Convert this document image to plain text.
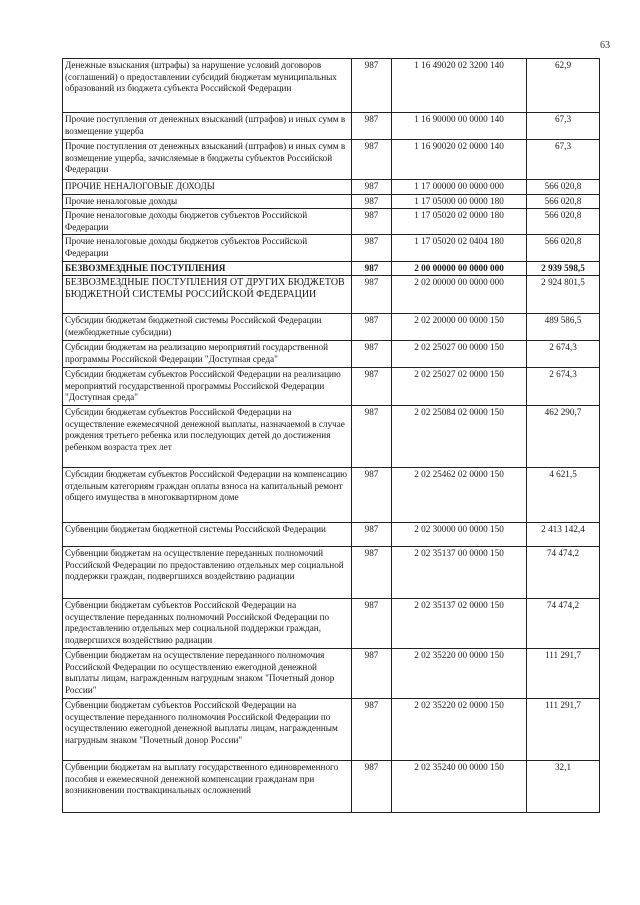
63
Денежные взыскания (штрафы) за нарушение условий договоров (соглашений) о предоставлении субсидий бюджетам муниципальных образований из бюджета субъекта Российской Федерации	987	1 16 49020 02 3200 140	62,9

Прочие поступления от денежных взысканий (штрафов) и иных сумм в возмещение ущерба	987	1 16 90000 00 0000 140	67,3

Прочие поступления от денежных взысканий (штрафов) и иных сумм в возмещение ущерба, зачисляемые в бюджеты субъектов Российской Федерации	987	1 16 90020 02 0000 140	67,3

ПРОЧИЕ НЕНАЛОГОВЫЕ ДОХОДЫ	987	1 17 00000 00 0000 000	566 020,8

Прочие неналоговые доходы	987	1 17 05000 00 0000 180	566 020,8

Прочие неналоговые доходы бюджетов субъектов Российской Федерации	987	1 17 05020 02 0000 180	566 020,8

Прочие неналоговые доходы бюджетов субъектов Российской Федерации	987	1 17 05020 02 0404 180	566 020,8

БЕЗВОЗМЕЗДНЫЕ ПОСТУПЛЕНИЯ	987	2 00 00000 00 0000 000	2 939 598,5

БЕЗВОЗМЕЗДНЫЕ ПОСТУПЛЕНИЯ ОТ ДРУГИХ БЮДЖЕТОВ БЮДЖЕТНОЙ СИСТЕМЫ РОССИЙСКОЙ ФЕДЕРАЦИИ	987	2 02 00000 00 0000 000	2 924 801,5

Субсидии бюджетам бюджетной системы Российской Федерации (межбюджетные субсидии)	987	2 02 20000 00 0000 150	489 586,5

Субсидии бюджетам на реализацию мероприятий государственной программы Российской Федерации "Доступная среда"	987	2 02 25027 00 0000 150	2 674,3

Субсидии бюджетам субъектов Российской Федерации на реализацию мероприятий государственной программы Российской Федерации "Доступная среда"	987	2 02 25027 02 0000 150	2 674,3

Субсидии бюджетам субъектов Российской Федерации на осуществление ежемесячной денежной выплаты, назначаемой в случае рождения третьего ребенка или последующих детей до достижения ребенком возраста трех лет	987	2 02 25084 02 0000 150	462 290,7

Субсидии бюджетам субъектов Российской Федерации на компенсацию отдельным категориям граждан оплаты взноса на капитальный ремонт общего имущества в многоквартирном доме	987	2 02 25462 02 0000 150	4 621,5

Субвенции бюджетам бюджетной системы Российской Федерации	987	2 02 30000 00 0000 150	2 413 142,4

Субвенции бюджетам на осуществление переданных полномочий Российской Федерации по предоставлению отдельных мер социальной поддержки граждан, подвергшихся воздействию радиации	987	2 02 35137 00 0000 150	74 474,2

Субвенции бюджетам субъектов Российской Федерации на осуществление переданных полномочий Российской Федерации по предоставлению отдельных мер социальной поддержки граждан, подвергшихся воздействию радиации	987	2 02 35137 02 0000 150	74 474,2

Субвенции бюджетам на осуществление переданного полномочия Российской Федерации по осуществлению ежегодной денежной выплаты лицам, награжденным нагрудным знаком "Почетный донор России"	987	2 02 35220 00 0000 150	111 291,7

Субвенции бюджетам субъектов Российской Федерации на осуществление переданного полномочия Российской Федерации по осуществлению ежегодной денежной выплаты лицам, награжденным нагрудным знаком "Почетный донор России"	987	2 02 35220 02 0000 150	111 291,7

Субвенции бюджетам на выплату государственного единовременного пособия и ежемесячной денежной компенсации гражданам при возникновении поствакцинальных осложнений	987	2 02 35240 00 0000 150	32,1
